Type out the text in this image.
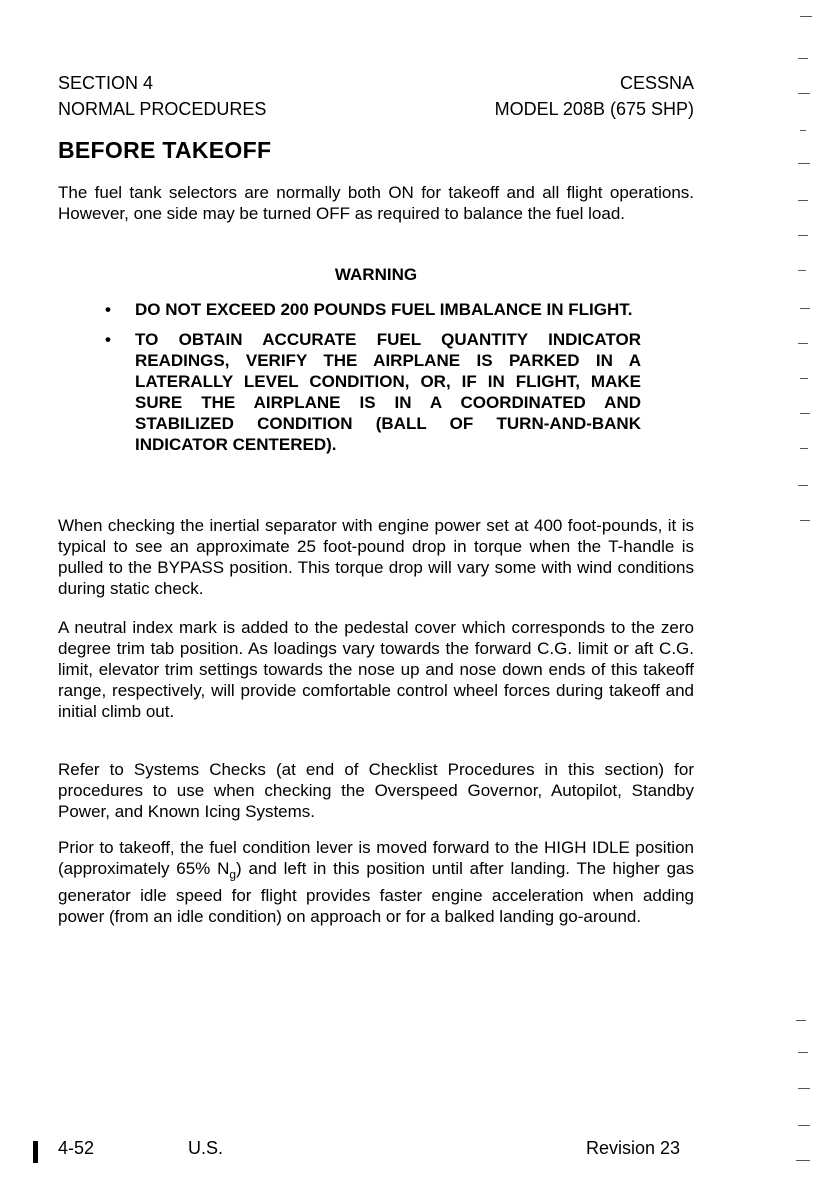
SECTION 4	CESSNA
NORMAL PROCEDURES	MODEL 208B (675 SHP)
BEFORE TAKEOFF

The fuel tank selectors are normally both ON for takeoff and all flight operations. However, one side may be turned OFF as required to balance the fuel load.

WARNING
• DO NOT EXCEED 200 POUNDS FUEL IMBALANCE IN FLIGHT.
• TO OBTAIN ACCURATE FUEL QUANTITY INDICATOR READINGS, VERIFY THE AIRPLANE IS PARKED IN A LATERALLY LEVEL CONDITION, OR, IF IN FLIGHT, MAKE SURE THE AIRPLANE IS IN A COORDINATED AND STABILIZED CONDITION (BALL OF TURN-AND-BANK INDICATOR CENTERED).

When checking the inertial separator with engine power set at 400 foot-pounds, it is typical to see an approximate 25 foot-pound drop in torque when the T-handle is pulled to the BYPASS position. This torque drop will vary some with wind conditions during static check.

A neutral index mark is added to the pedestal cover which corresponds to the zero degree trim tab position. As loadings vary towards the forward C.G. limit or aft C.G. limit, elevator trim settings towards the nose up and nose down ends of this takeoff range, respectively, will provide comfortable control wheel forces during takeoff and initial climb out.

Refer to Systems Checks (at end of Checklist Procedures in this section) for procedures to use when checking the Overspeed Governor, Autopilot, Standby Power, and Known Icing Systems.

Prior to takeoff, the fuel condition lever is moved forward to the HIGH IDLE position (approximately 65% $N_g$) and left in this position until after landing. The higher gas generator idle speed for flight provides faster engine acceleration when adding power (from an idle condition) on approach or for a balked landing go-around.

4-52	U.S.	Revision 23
